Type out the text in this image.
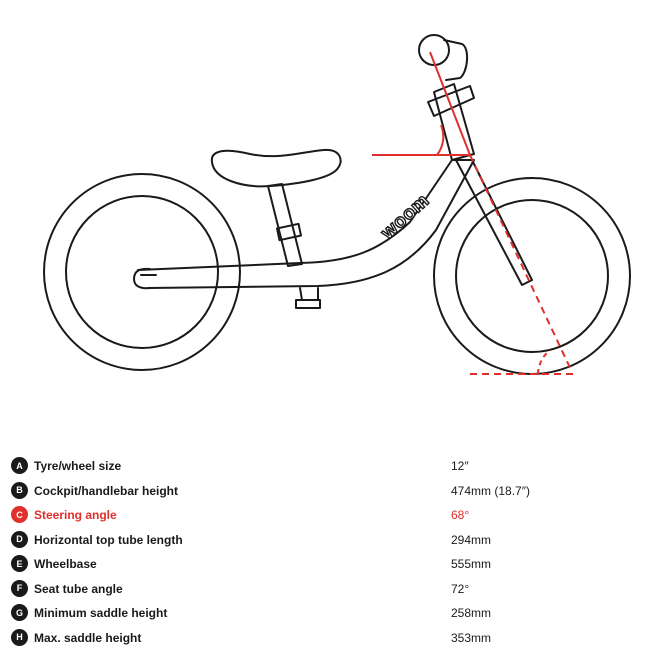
woom
A Tyre/wheel size	12″
B Cockpit/handlebar height	474mm (18.7″)
C Steering angle	68°
D Horizontal top tube length	294mm
E Wheelbase	555mm
F Seat tube angle	72°
G Minimum saddle height	258mm
H Max. saddle height	353mm
